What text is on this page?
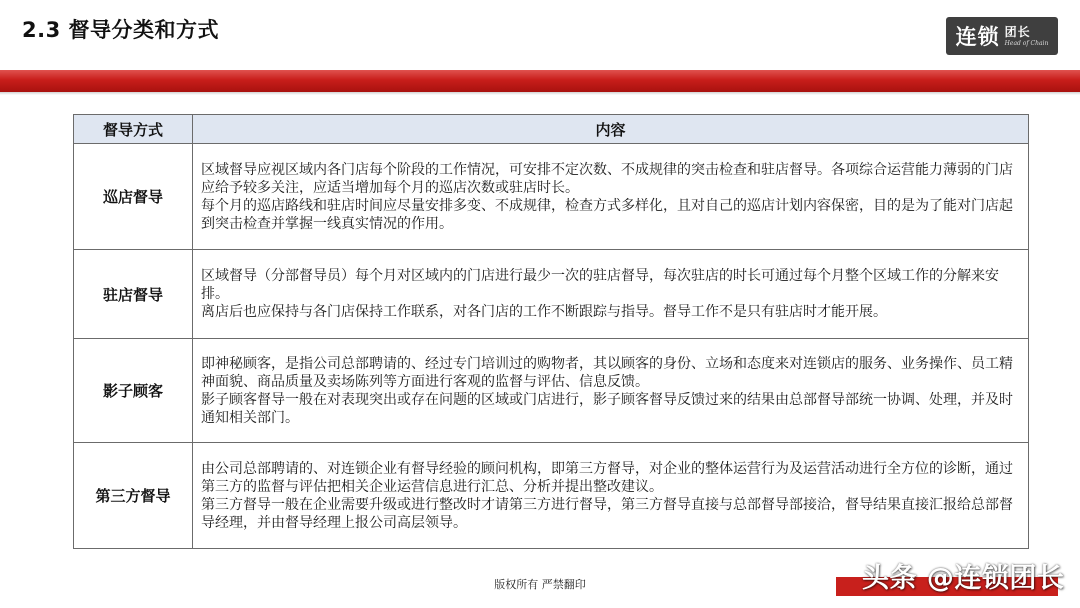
2.3 督导分类和方式	连锁 团长
Head of Chain
督导方式	内容
巡店督导	区域督导应视区域内各门店每个阶段的工作情况，可安排不定次数、不成规律的突击检查和驻店督导。各项综合运营能力薄弱的门店应给予较多关注，应适当增加每个月的巡店次数或驻店时长。

每个月的巡店路线和驻店时间应尽量安排多变、不成规律，检查方式多样化，且对自己的巡店计划内容保密，目的是为了能对门店起到突击检查并掌握一线真实情况的作用。

驻店督导	区域督导（分部督导员）每个月对区域内的门店进行最少一次的驻店督导，每次驻店的时长可通过每个月整个区域工作的分解来安排。

离店后也应保持与各门店保持工作联系，对各门店的工作不断跟踪与指导。督导工作不是只有驻店时才能开展。

影子顾客	即神秘顾客，是指公司总部聘请的、经过专门培训过的购物者，其以顾客的身份、立场和态度来对连锁店的服务、业务操作、员工精神面貌、商品质量及卖场陈列等方面进行客观的监督与评估、信息反馈。

影子顾客督导一般在对表现突出或存在问题的区域或门店进行，影子顾客督导反馈过来的结果由总部督导部统一协调、处理，并及时通知相关部门。

第三方督导	由公司总部聘请的、对连锁企业有督导经验的顾问机构，即第三方督导，对企业的整体运营行为及运营活动进行全方位的诊断，通过第三方的监督与评估把相关企业运营信息进行汇总、分析并提出整改建议。

第三方督导一般在企业需要升级或进行整改时才请第三方进行督导，第三方督导直接与总部督导部接洽，督导结果直接汇报给总部督导经理，并由督导经理上报公司高层领导。

版权所有 严禁翻印	头条 @连锁团长
